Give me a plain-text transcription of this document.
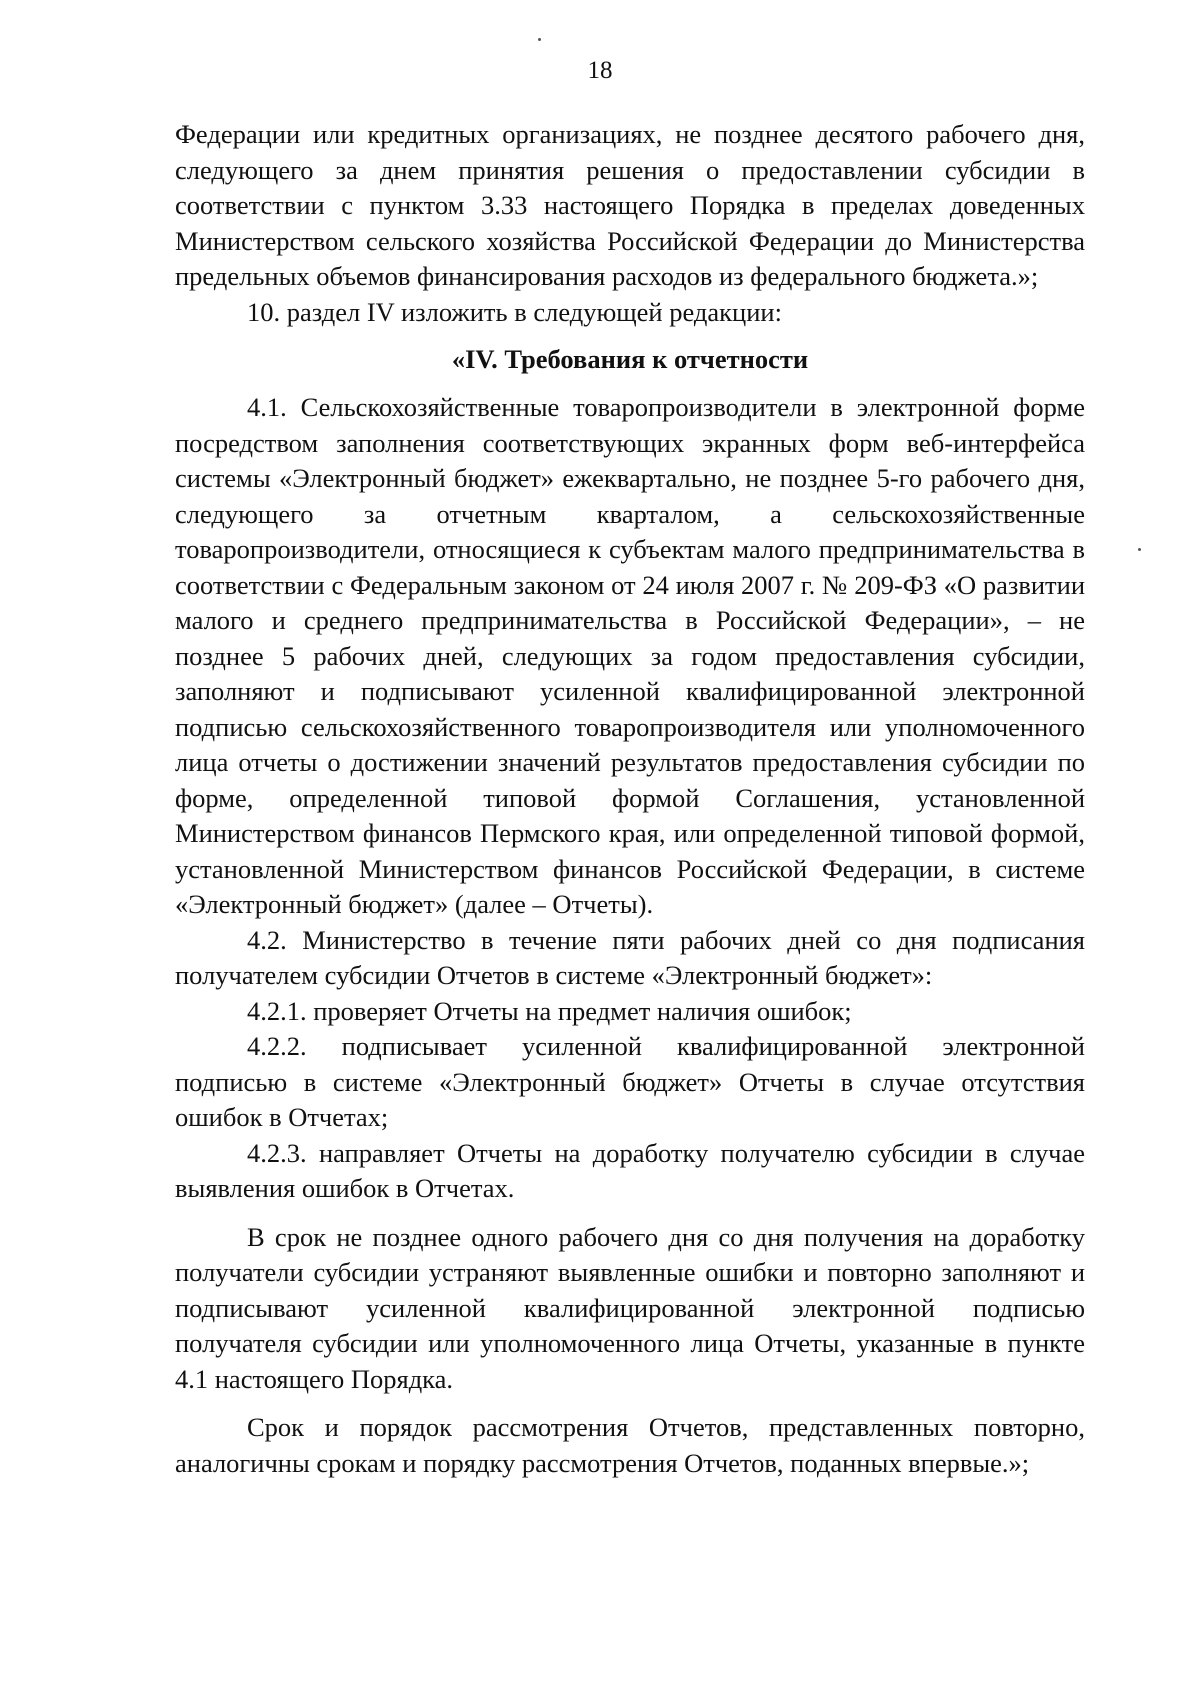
18

Федерации или кредитных организациях, не позднее десятого рабочего дня, следующего за днем принятия решения о предоставлении субсидии в соответствии с пунктом 3.33 настоящего Порядка в пределах доведенных Министерством сельского хозяйства Российской Федерации до Министерства предельных объемов финансирования расходов из федерального бюджета.»;

10. раздел IV изложить в следующей редакции:

«IV. Требования к отчетности

4.1. Сельскохозяйственные товаропроизводители в электронной форме посредством заполнения соответствующих экранных форм веб-интерфейса системы «Электронный бюджет» ежеквартально, не позднее 5-го рабочего дня, следующего за отчетным кварталом, а сельскохозяйственные товаропроизводители, относящиеся к субъектам малого предпринимательства в соответствии с Федеральным законом от 24 июля 2007 г. № 209-ФЗ «О развитии малого и среднего предпринимательства в Российской Федерации», – не позднее 5 рабочих дней, следующих за годом предоставления субсидии, заполняют и подписывают усиленной квалифицированной электронной подписью сельскохозяйственного товаропроизводителя или уполномоченного лица отчеты о достижении значений результатов предоставления субсидии по форме, определенной типовой формой Соглашения, установленной Министерством финансов Пермского края, или определенной типовой формой, установленной Министерством финансов Российской Федерации, в системе «Электронный бюджет» (далее – Отчеты).

4.2. Министерство в течение пяти рабочих дней со дня подписания получателем субсидии Отчетов в системе «Электронный бюджет»:

4.2.1. проверяет Отчеты на предмет наличия ошибок;

4.2.2. подписывает усиленной квалифицированной электронной подписью в системе «Электронный бюджет» Отчеты в случае отсутствия ошибок в Отчетах;

4.2.3. направляет Отчеты на доработку получателю субсидии в случае выявления ошибок в Отчетах.

В срок не позднее одного рабочего дня со дня получения на доработку получатели субсидии устраняют выявленные ошибки и повторно заполняют и подписывают усиленной квалифицированной электронной подписью получателя субсидии или уполномоченного лица Отчеты, указанные в пункте 4.1 настоящего Порядка.

Срок и порядок рассмотрения Отчетов, представленных повторно, аналогичны срокам и порядку рассмотрения Отчетов, поданных впервые.»;
